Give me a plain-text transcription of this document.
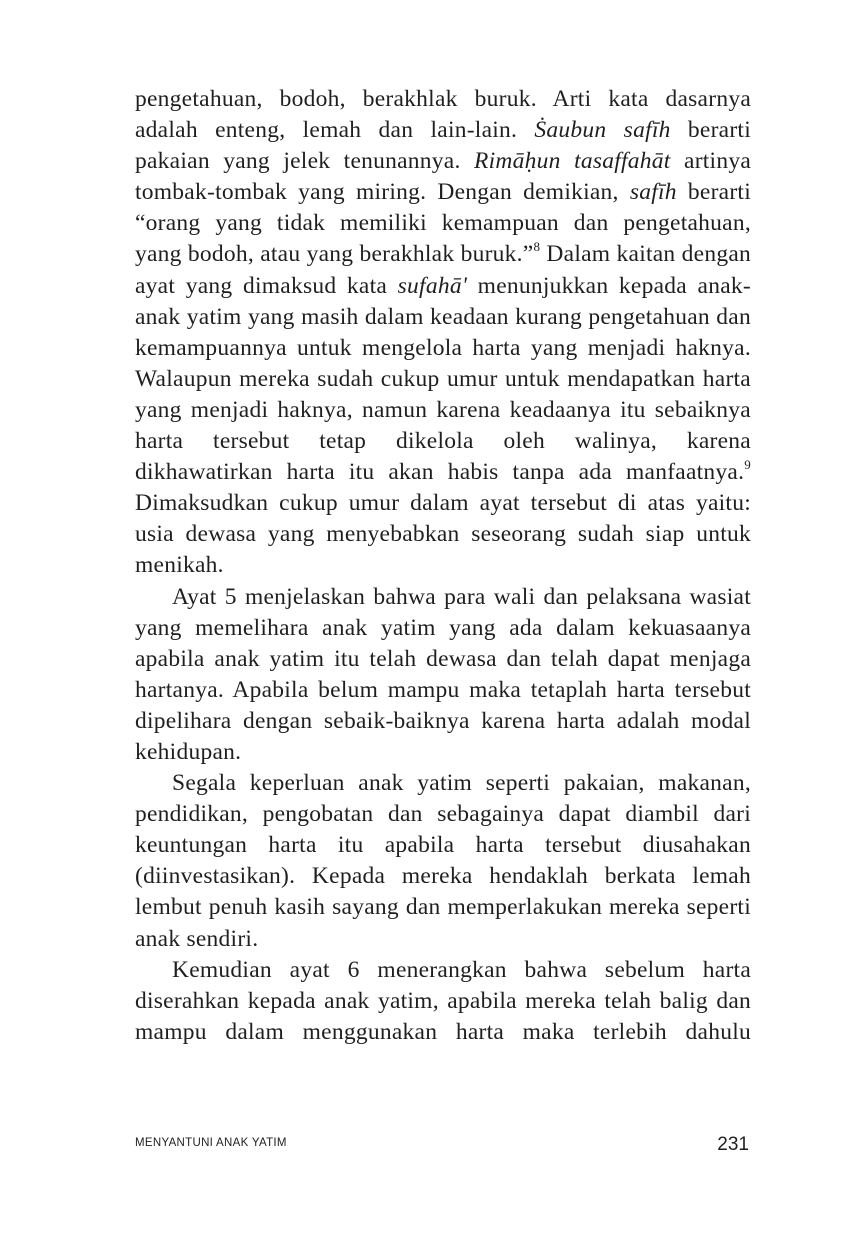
pengetahuan, bodoh, berakhlak buruk. Arti kata dasarnya adalah enteng, lemah dan lain-lain. Ṡaubun safīh berarti pakaian yang jelek tenunannya. Rimāḥun tasaffahāt artinya tombak-tombak yang miring. Dengan demikian, safīh berarti “orang yang tidak memiliki kemampuan dan pengetahuan, yang bodoh, atau yang berakhlak buruk.”$^8$ Dalam kaitan dengan ayat yang dimaksud kata sufahā' menunjukkan kepada anak-anak yatim yang masih dalam keadaan kurang pengetahuan dan kemampuannya untuk mengelola harta yang menjadi haknya. Walaupun mereka sudah cukup umur untuk mendapatkan harta yang menjadi haknya, namun karena keadaanya itu sebaiknya harta tersebut tetap dikelola oleh walinya, karena dikhawatirkan harta itu akan habis tanpa ada manfaatnya.$^9$ Dimaksudkan cukup umur dalam ayat tersebut di atas yaitu: usia dewasa yang menyebabkan seseorang sudah siap untuk menikah.

Ayat 5 menjelaskan bahwa para wali dan pelaksana wasiat yang memelihara anak yatim yang ada dalam kekuasaanya apabila anak yatim itu telah dewasa dan telah dapat menjaga hartanya. Apabila belum mampu maka tetaplah harta tersebut dipelihara dengan sebaik-baiknya karena harta adalah modal kehidupan.

Segala keperluan anak yatim seperti pakaian, makanan, pendidikan, pengobatan dan sebagainya dapat diambil dari keuntungan harta itu apabila harta tersebut diusahakan (diinvestasikan). Kepada mereka hendaklah berkata lemah lembut penuh kasih sayang dan memperlakukan mereka seperti anak sendiri.

Kemudian ayat 6 menerangkan bahwa sebelum harta diserahkan kepada anak yatim, apabila mereka telah balig dan mampu dalam menggunakan harta maka terlebih dahulu

MENYANTUNI ANAK YATIM	231
